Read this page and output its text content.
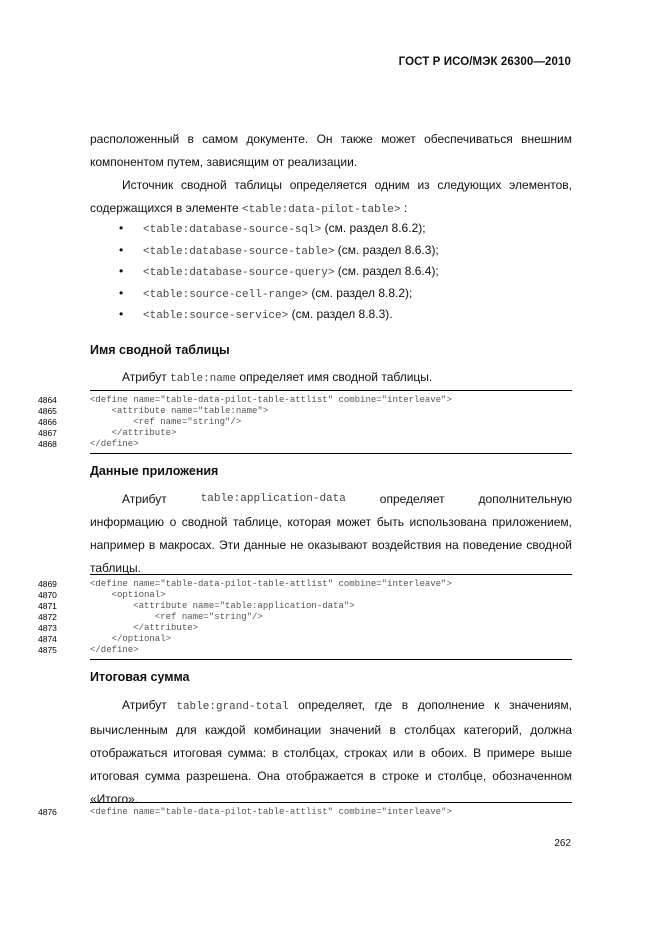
ГОСТ Р ИСО/МЭК 26300—2010

расположенный в самом документе. Он также может обеспечиваться внешним компонентом путем, зависящим от реализации.

Источник сводной таблицы определяется одним из следующих элементов, содержащихся в элементе <table:data-pilot-table> :

• <table:database-source-sql> (см. раздел 8.6.2);
• <table:database-source-table> (см. раздел 8.6.3);
• <table:database-source-query> (см. раздел 8.6.4);
• <table:source-cell-range> (см. раздел 8.8.2);
• <table:source-service> (см. раздел 8.8.3).
Имя сводной таблицы

Атрибут table:name определяет имя сводной таблицы.

4864	<define name="table-data-pilot-table-attlist" combine="interleave">
4865	<attribute name="table:name">
4866	<ref name="string"/>
4867	</attribute>
4868	</define>
Данные приложения
Атрибут	table:application-data	определяет	дополнительную

информацию о сводной таблице, которая может быть использована приложением, например в макросах. Эти данные не оказывают воздействия на поведение сводной таблицы.

4869	<define name="table-data-pilot-table-attlist" combine="interleave">
4870	<optional>
4871	<attribute name="table:application-data">
4872	<ref name="string"/>
4873	</attribute>
4874	</optional>
4875	</define>
Итоговая сумма

Атрибут table:grand-total определяет, где в дополнение к значениям, вычисленным для каждой комбинации значений в столбцах категорий, должна отображаться итоговая сумма: в столбцах, строках или в обоих. В примере выше итоговая сумма разрешена. Она отображается в строке и столбце, обозначенном «Итого».

4876	<define name="table-data-pilot-table-attlist" combine="interleave">
262
